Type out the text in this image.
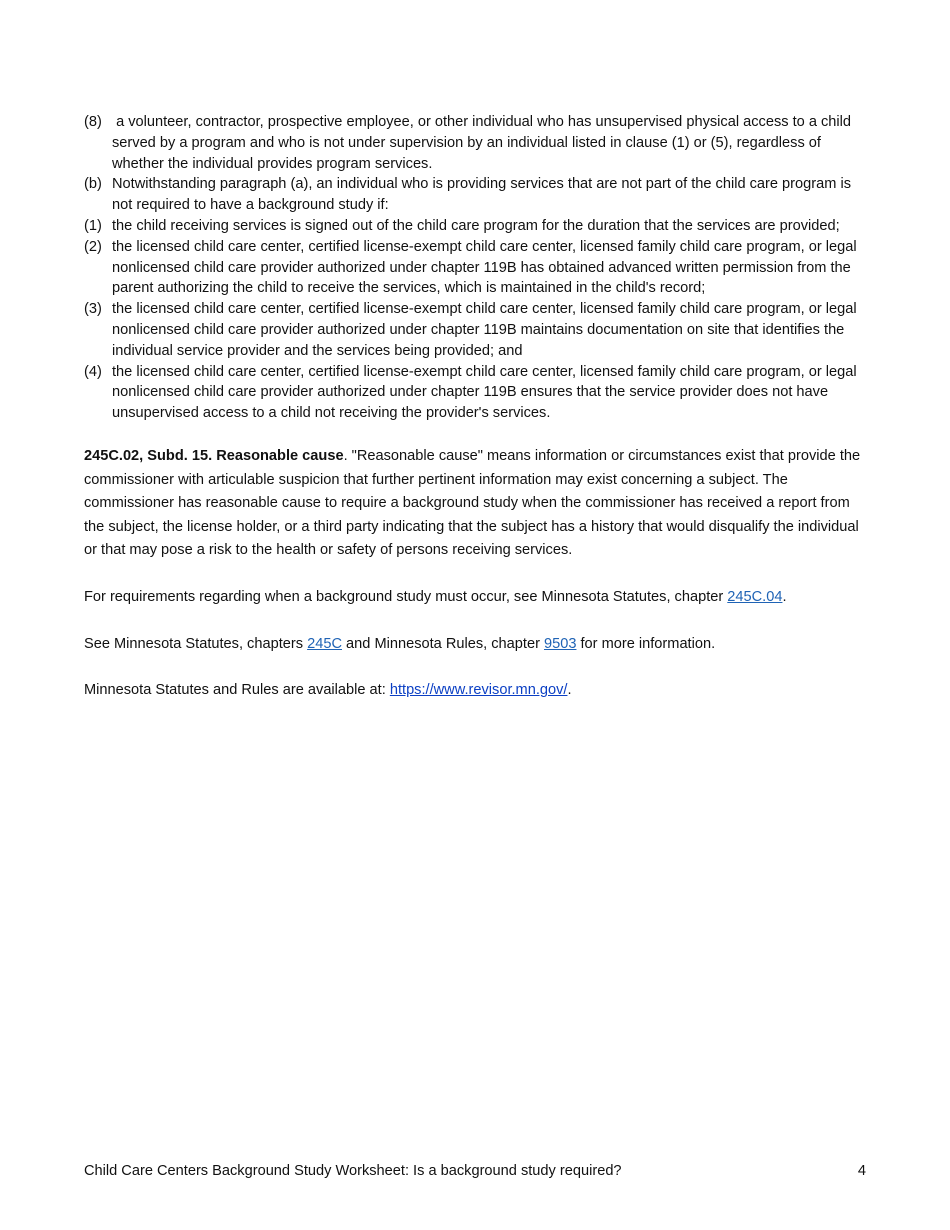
(8) a volunteer, contractor, prospective employee, or other individual who has unsupervised physical access to a child served by a program and who is not under supervision by an individual listed in clause (1) or (5), regardless of whether the individual provides program services.
(b) Notwithstanding paragraph (a), an individual who is providing services that are not part of the child care program is not required to have a background study if:
(1) the child receiving services is signed out of the child care program for the duration that the services are provided;
(2) the licensed child care center, certified license-exempt child care center, licensed family child care program, or legal nonlicensed child care provider authorized under chapter 119B has obtained advanced written permission from the parent authorizing the child to receive the services, which is maintained in the child's record;
(3) the licensed child care center, certified license-exempt child care center, licensed family child care program, or legal nonlicensed child care provider authorized under chapter 119B maintains documentation on site that identifies the individual service provider and the services being provided; and
(4) the licensed child care center, certified license-exempt child care center, licensed family child care program, or legal nonlicensed child care provider authorized under chapter 119B ensures that the service provider does not have unsupervised access to a child not receiving the provider's services.

245C.02, Subd. 15. Reasonable cause. "Reasonable cause" means information or circumstances exist that provide the commissioner with articulable suspicion that further pertinent information may exist concerning a subject. The commissioner has reasonable cause to require a background study when the commissioner has received a report from the subject, the license holder, or a third party indicating that the subject has a history that would disqualify the individual or that may pose a risk to the health or safety of persons receiving services.

For requirements regarding when a background study must occur, see Minnesota Statutes, chapter 245C.04.

See Minnesota Statutes, chapters 245C and Minnesota Rules, chapter 9503 for more information.

Minnesota Statutes and Rules are available at: https://www.revisor.mn.gov/.

Child Care Centers Background Study Worksheet: Is a background study required?	4
